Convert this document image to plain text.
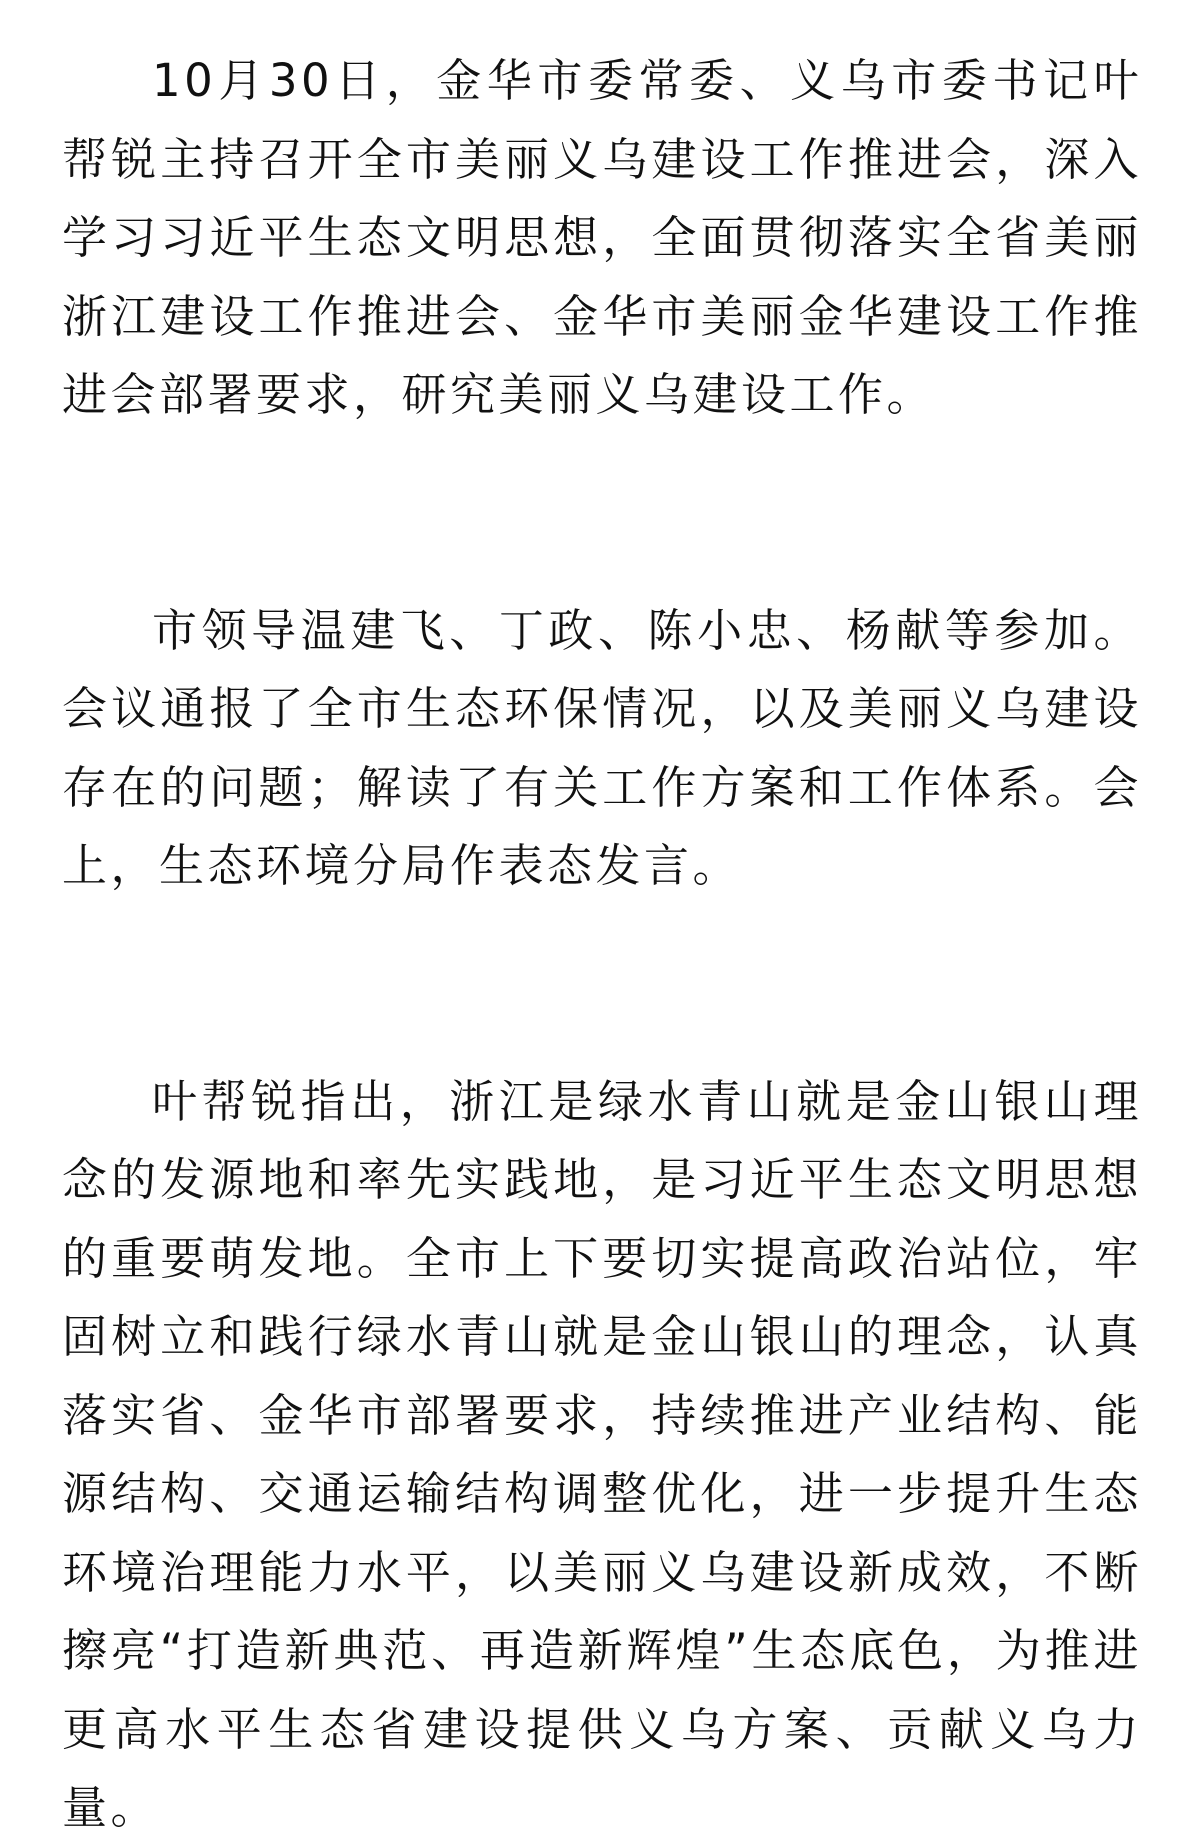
10月30日，金华市委常委、义乌市委书记叶帮锐主持召开全市美丽义乌建设工作推进会，深入学习习近平生态文明思想，全面贯彻落实全省美丽浙江建设工作推进会、金华市美丽金华建设工作推进会部署要求，研究美丽义乌建设工作。

市领导温建飞、丁政、陈小忠、杨献等参加。会议通报了全市生态环保情况，以及美丽义乌建设存在的问题；解读了有关工作方案和工作体系。会上，生态环境分局作表态发言。

叶帮锐指出，浙江是绿水青山就是金山银山理念的发源地和率先实践地，是习近平生态文明思想的重要萌发地。全市上下要切实提高政治站位，牢固树立和践行绿水青山就是金山银山的理念，认真落实省、金华市部署要求，持续推进产业结构、能源结构、交通运输结构调整优化，进一步提升生态环境治理能力水平，以美丽义乌建设新成效，不断擦亮“打造新典范、再造新辉煌”生态底色，为推进更高水平生态省建设提供义乌方案、贡献义乌力量。
